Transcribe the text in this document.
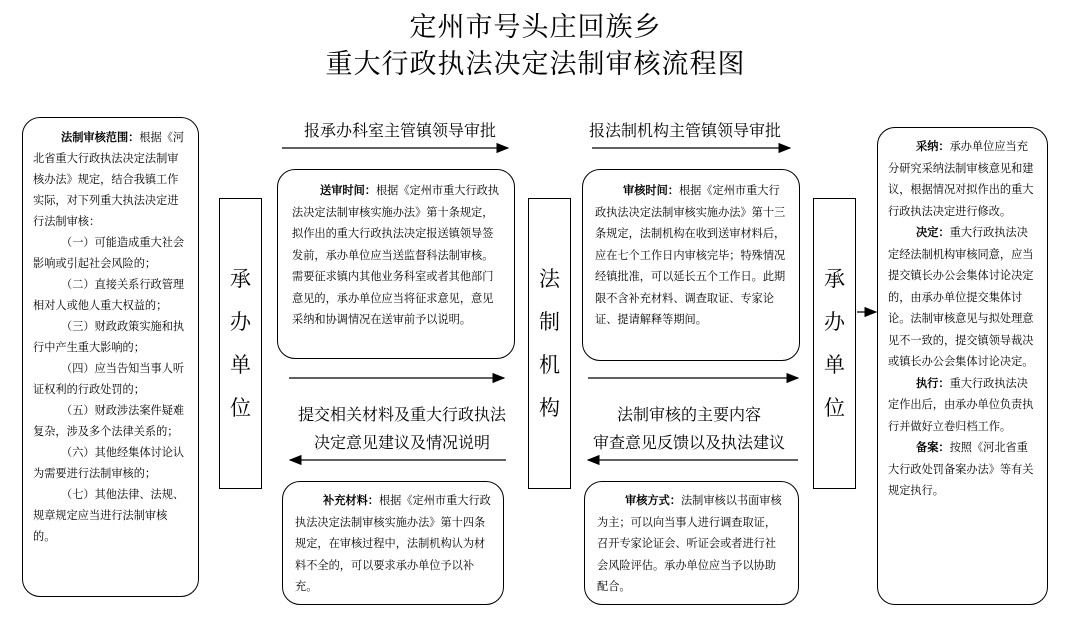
定州市号头庄回族乡
重大行政执法决定法制审核流程图

法制审核范围：根据《河北省重大行政执法决定法制审核办法》规定，结合我镇工作实际，对下列重大执法决定进行法制审核：

（一）可能造成重大社会影响或引起社会风险的；

（二）直接关系行政管理相对人或他人重大权益的；

（三）财政政策实施和执行中产生重大影响的；

（四）应当告知当事人听证权利的行政处罚的；

（五）财政涉法案件疑难复杂，涉及多个法律关系的；

（六）其他经集体讨论认为需要进行法制审核的；

（七）其他法律、法规、规章规定应当进行法制审核的。

承
办
单
位
法
制
机
构
承
办
单
位
报承办科室主管镇领导审批	报法制机构主管镇领导审批
提交相关材料及重大行政执法
决定意见建议及情况说明
法制审核的主要内容
审查意见反馈以及执法建议

送审时间：根据《定州市重大行政执法决定法制审核实施办法》第十条规定，拟作出的重大行政执法决定报送镇领导签发前，承办单位应当送监督科法制审核。需要征求镇内其他业务科室或者其他部门意见的，承办单位应当将征求意见，意见采纳和协调情况在送审前予以说明。

审核时间：根据《定州市重大行政执法决定法制审核实施办法》第十三条规定，法制机构在收到送审材料后，应在七个工作日内审核完毕；特殊情况经镇批准，可以延长五个工作日。此期限不含补充材料、调查取证、专家论证、提请解释等期间。

补充材料：根据《定州市重大行政执法决定法制审核实施办法》第十四条规定，在审核过程中，法制机构认为材料不全的，可以要求承办单位予以补充。

审核方式：法制审核以书面审核为主；可以向当事人进行调查取证，召开专家论证会、听证会或者进行社会风险评估。承办单位应当予以协助配合。

采纳：承办单位应当充分研究采纳法制审核意见和建议，根据情况对拟作出的重大行政执法决定进行修改。

决定：重大行政执法决定经法制机构审核同意，应当提交镇长办公会集体讨论决定的，由承办单位提交集体讨论。法制审核意见与拟处理意见不一致的，提交镇领导裁决或镇长办公会集体讨论决定。

执行：重大行政执法决定作出后，由承办单位负责执行并做好立卷归档工作。

备案：按照《河北省重大行政处罚备案办法》等有关规定执行。
